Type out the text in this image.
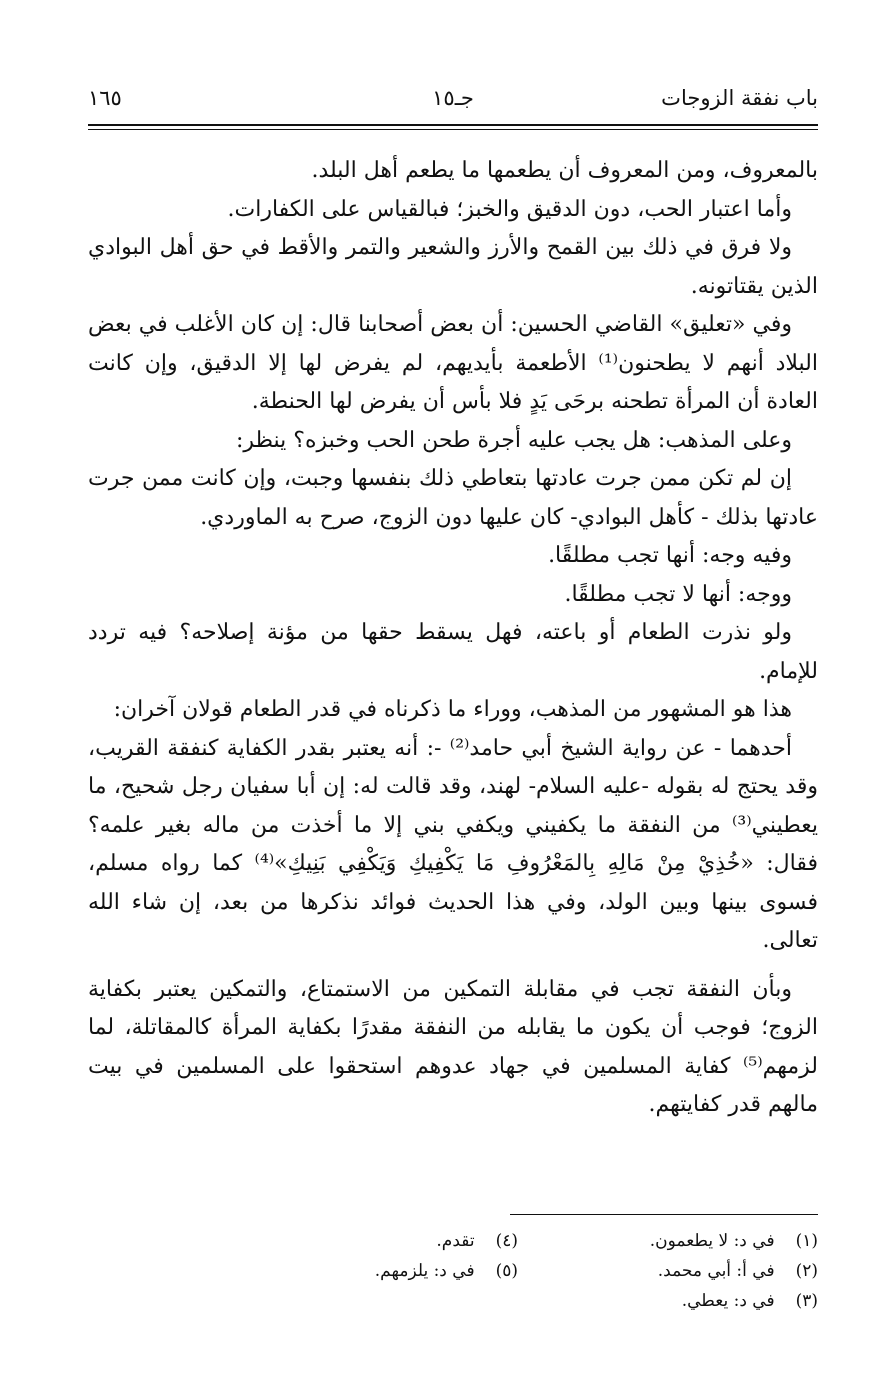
باب نفقة الزوجات
جـ١٥
١٦٥

بالمعروف، ومن المعروف أن يطعمها ما يطعم أهل البلد.

وأما اعتبار الحب، دون الدقيق والخبز؛ فبالقياس على الكفارات.

ولا فرق في ذلك بين القمح والأرز والشعير والتمر والأقط في حق أهل البوادي الذين يقتاتونه.

وفي «تعليق» القاضي الحسين: أن بعض أصحابنا قال: إن كان الأغلب في بعض البلاد أنهم لا يطحنون⁽¹⁾ الأطعمة بأيديهم، لم يفرض لها إلا الدقيق، وإن كانت العادة أن المرأة تطحنه برحَى يَدٍ فلا بأس أن يفرض لها الحنطة.

وعلى المذهب: هل يجب عليه أجرة طحن الحب وخبزه؟ ينظر:

إن لم تكن ممن جرت عادتها بتعاطي ذلك بنفسها وجبت، وإن كانت ممن جرت عادتها بذلك - كأهل البوادي- كان عليها دون الزوج، صرح به الماوردي.

وفيه وجه: أنها تجب مطلقًا.

ووجه: أنها لا تجب مطلقًا.

ولو نذرت الطعام أو باعته، فهل يسقط حقها من مؤنة إصلاحه؟ فيه تردد للإمام.

هذا هو المشهور من المذهب، ووراء ما ذكرناه في قدر الطعام قولان آخران:

أحدهما - عن رواية الشيخ أبي حامد⁽²⁾ -: أنه يعتبر بقدر الكفاية كنفقة القريب، وقد يحتج له بقوله -عليه السلام- لهند، وقد قالت له: إن أبا سفيان رجل شحيح، ما يعطيني⁽³⁾ من النفقة ما يكفيني ويكفي بني إلا ما أخذت من ماله بغير علمه؟ فقال: «خُذِيْ مِنْ مَالِهِ بِالمَعْرُوفِ مَا يَكْفِيكِ وَيَكْفِي بَنِيكِ»⁽⁴⁾ كما رواه مسلم، فسوى بينها وبين الولد، وفي هذا الحديث فوائد نذكرها من بعد، إن شاء الله تعالى.

وبأن النفقة تجب في مقابلة التمكين من الاستمتاع، والتمكين يعتبر بكفاية الزوج؛ فوجب أن يكون ما يقابله من النفقة مقدرًا بكفاية المرأة كالمقاتلة، لما لزمهم⁽⁵⁾ كفاية المسلمين في جهاد عدوهم استحقوا على المسلمين في بيت مالهم قدر كفايتهم.

(١) في د: لا يطعمون.
(٢) في أ: أبي محمد.
(٣) في د: يعطي.
(٤) تقدم.
(٥) في د: يلزمهم.
